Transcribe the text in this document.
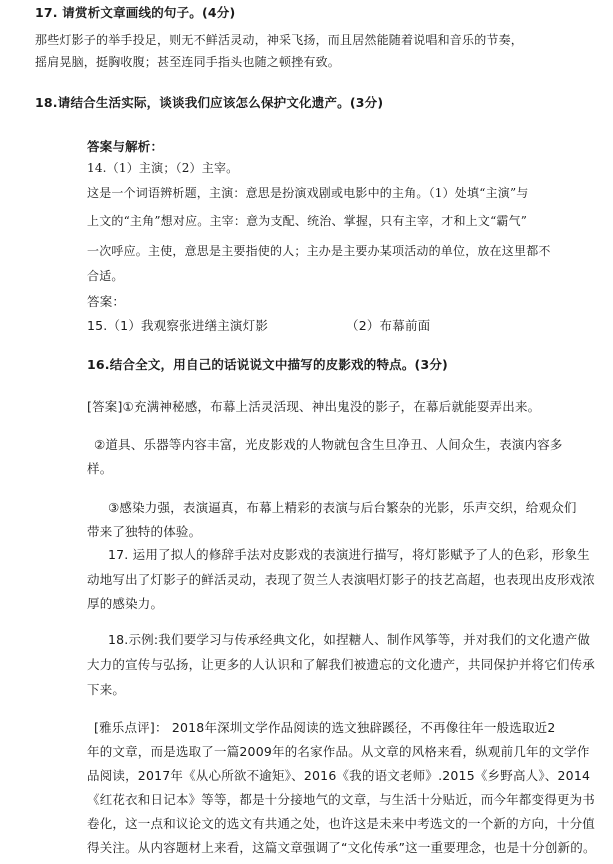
17. 请赏析文章画线的句子。(4分)
那些灯影子的举手投足，则无不鲜活灵动，神采飞扬，而且居然能随着说唱和音乐的节奏，
摇肩晃脑，挺胸收腹；甚至连同手指头也随之顿挫有致。
18.请结合生活实际，谈谈我们应该怎么保护文化遗产。(3分)
答案与解析：
14.（1）主演；（2）主宰。
这是一个词语辨析题，主演：意思是扮演戏剧或电影中的主角。（1）处填“主演”与
上文的“主角”想对应。主宰：意为支配、统治、掌握，只有主宰，才和上文“霸气”
一次呼应。主使，意思是主要指使的人；主办是主要办某项活动的单位，放在这里都不
合适。
答案：
15.（1）我观察张进缮主演灯影	（2）布幕前面
16.结合全文，用自己的话说说文中描写的皮影戏的特点。(3分)
[答案]①充满神秘感，布幕上活灵活现、神出鬼没的影子，在幕后就能耍弄出来。
②道具、乐器等内容丰富，光皮影戏的人物就包含生旦净丑、人间众生，表演内容多
样。
③感染力强，表演逼真，布幕上精彩的表演与后台繁杂的光影，乐声交织，给观众们
带来了独特的体验。
17. 运用了拟人的修辞手法对皮影戏的表演进行描写，将灯影赋予了人的色彩，形象生
动地写出了灯影子的鲜活灵动，表现了贺兰人表演唱灯影子的技艺高超，也表现出皮形戏浓
厚的感染力。
18.示例:我们要学习与传承经典文化，如捏糖人、制作风筝等，并对我们的文化遗产做
大力的宣传与弘扬，让更多的人认识和了解我们被遗忘的文化遗产，共同保护并将它们传承
下来。
[雅乐点评]： 2018年深圳文学作品阅读的选文独辟蹊径，不再像往年一般选取近2
年的文章，而是选取了一篇2009年的名家作品。从文章的风格来看，纵观前几年的文学作
品阅读，2017年《从心所欲不逾矩》、2016《我的语文老师》.2015《乡野高人》、2014
《红花衣和日记本》等等，都是十分接地气的文章，与生活十分贴近，而今年都变得更为书
卷化，这一点和议论文的选文有共通之处，也许这是未来中考选文的一个新的方向，十分值
得关注。从内容题材上来看，这篇文章强调了“文化传承”这一重要理念，也是十分创新的。
